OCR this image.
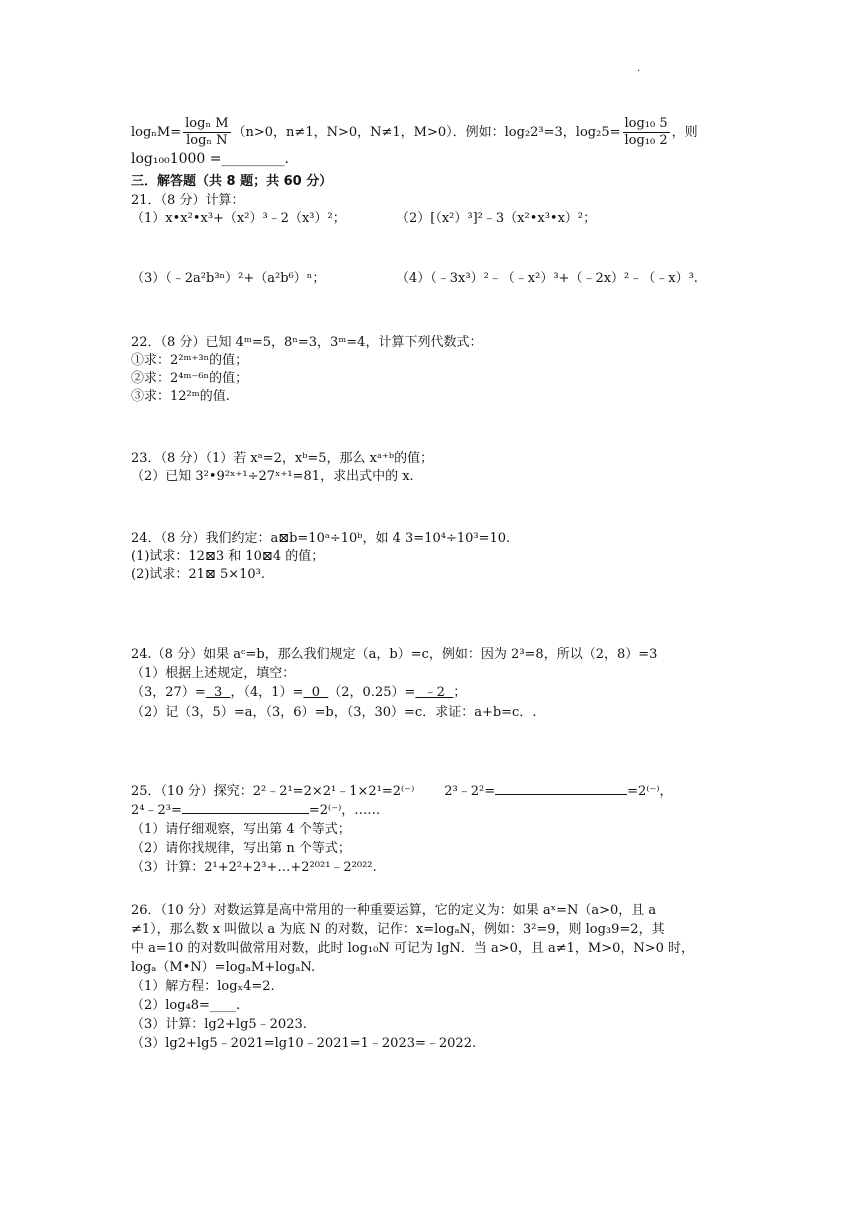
.
$\log_nM= \frac{\text{logₙ M}}{\text{logₙ N}} (n>0$，n≠1，N>0，N≠1，M>0）．例如：log₂2³=3，$\log_25= \frac{\text{log₁₀ 5}}{\text{log₁₀ 2}}$ ，则
log₁₀₀1000 =_________.
三．解答题（共 8 题；共 60 分）
21．（8 分）计算：
（1）x•x²•x³+（x²）³﹣2（x³）²；	（2）[（x²）³]²﹣3（x²•x³•x）²；
（3）（﹣2a²b³ⁿ）²+（a²b⁶）ⁿ；	（4）（﹣3x³）²﹣（﹣x²）³+（﹣2x）²﹣（﹣x）³.
22．（8 分）已知 4ᵐ=5，8ⁿ=3，3ᵐ=4，计算下列代数式：
①求：2²ᵐ⁺³ⁿ的值；
②求：2⁴ᵐ⁻⁶ⁿ的值；
③求：12²ᵐ的值.
23．（8 分）（1）若 xᵃ=2，xᵇ=5，那么 xᵃ⁺ᵇ的值；
（2）已知 3²•9²ˣ⁺¹÷27ˣ⁺¹=81，求出式中的 x.
24．（8 分）我们约定：a⊠b=10ᵃ÷10ᵇ，如 4 3=10⁴÷10³=10.
(1)试求：12⊠3 和 10⊠4 的值；
(2)试求：21⊠ 5×10³.
24.（8 分）如果 aᶜ=b，那么我们规定（a，b）=c，例如：因为 2³=8，所以（2，8）=3
（1）根据上述规定，填空：
（3，27）=  3  ，（4，1）=  0  （2，0.25）=  ﹣2  ；
（2）记（3，5）=a，（3，6）=b，（3，30）=c．求证：a+b=c．.
25．（10 分）探究：2²﹣2¹=2×2¹﹣1×2¹=2⁽⁻⁾ 2³﹣2²=	=2⁽⁻⁾，
2⁴﹣2³=	=2⁽⁻⁾，……
（1）请仔细观察，写出第 4 个等式；
（2）请你找规律，写出第 n 个等式；
（3）计算：2¹+2²+2³+…+2²⁰²¹﹣2²⁰²².
26．（10 分）对数运算是高中常用的一种重要运算，它的定义为：如果 aˣ=N（a>0，且 a
≠1），那么数 x 叫做以 a 为底 N 的对数，记作：x=logₐN，例如：3²=9，则 log₃9=2，其
中 a=10 的对数叫做常用对数，此时 log₁₀N 可记为 lgN．当 a>0，且 a≠1，M>0，N>0 时，
logₐ（M•N）=logₐM+logₐN.
（1）解方程：logₓ4=2.
（2）log₄8=____.
（3）计算：lg2+lg5﹣2023.
（3）lg2+lg5﹣2021=lg10﹣2021=1﹣2023=﹣2022.
